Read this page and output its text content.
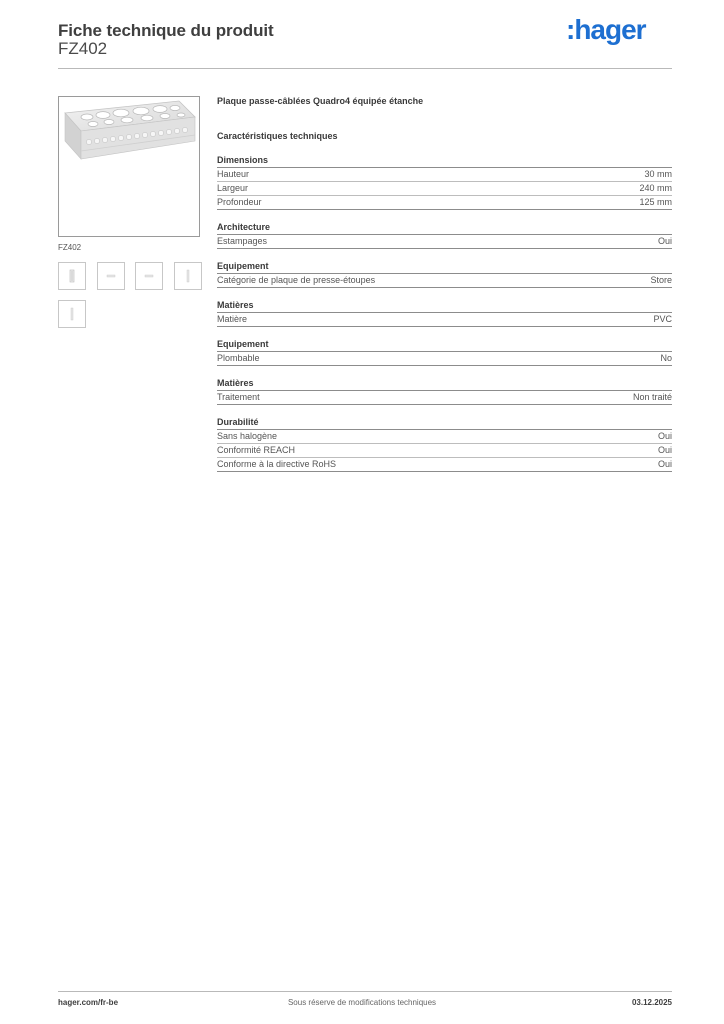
Fiche technique du produit
FZ402
:hager
FZ402
Plaque passe-câblées Quadro4 équipée étanche
Caractéristiques techniques
Dimensions
Hauteur	30 mm
Largeur	240 mm
Profondeur	125 mm
Architecture
Estampages	Oui
Equipement
Catégorie de plaque de presse-étoupes	Store
Matières
Matière	PVC
Equipement
Plombable	No
Matières
Traitement	Non traité
Durabilité
Sans halogène	Oui
Conformité REACH	Oui
Conforme à la directive RoHS	Oui
hager.com/fr-be	Sous réserve de modifications techniques	03.12.2025
